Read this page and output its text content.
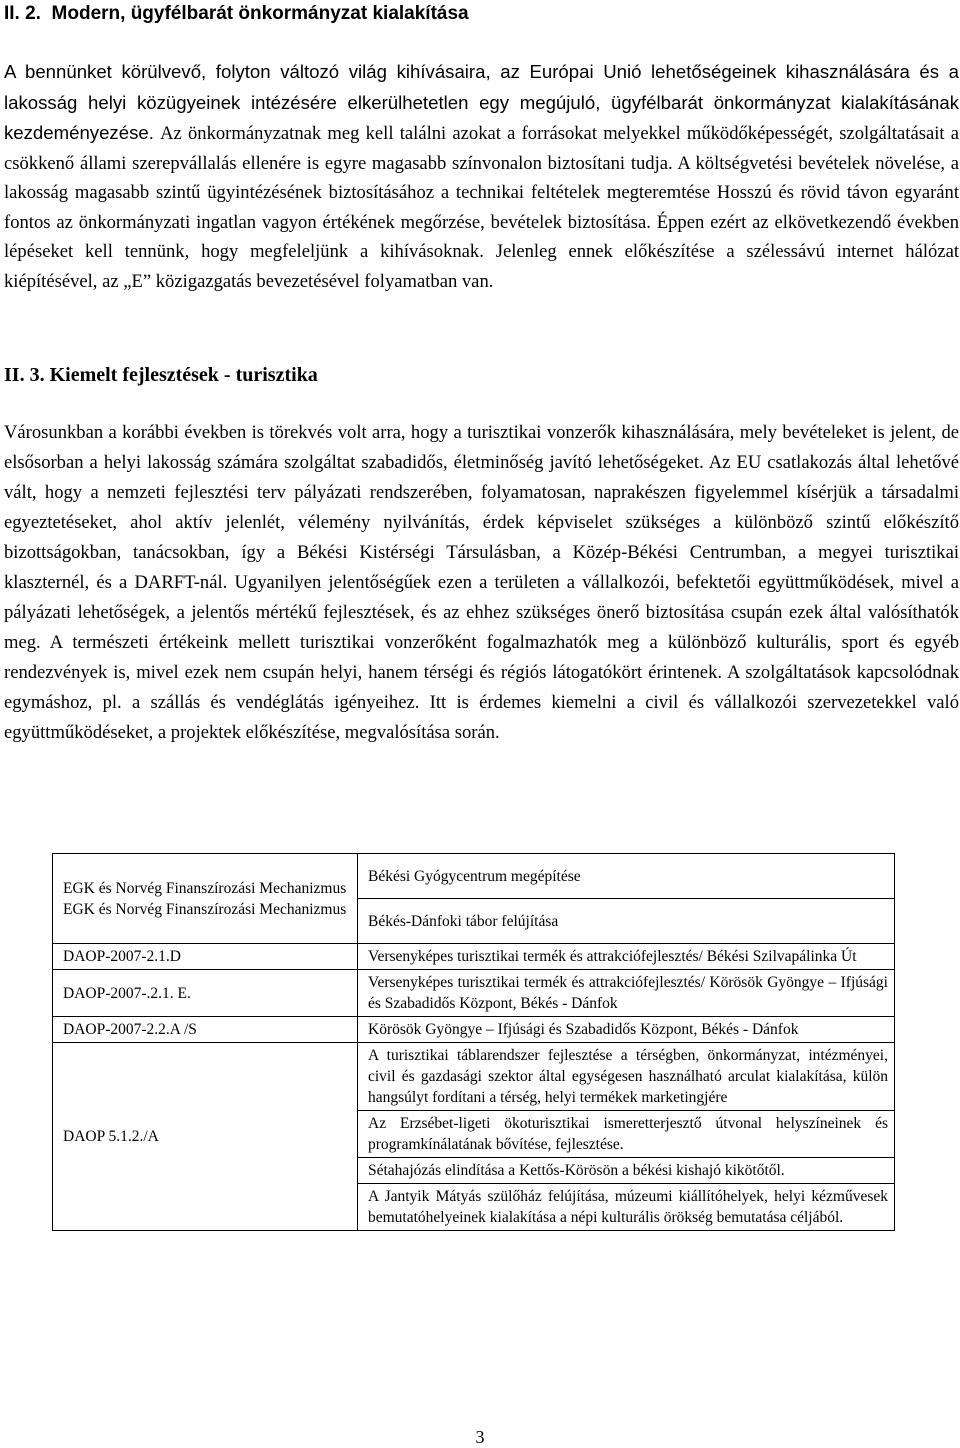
II. 2. Modern, ügyfélbarát önkormányzat kialakítása

A bennünket körülvevő, folyton változó világ kihívásaira, az Európai Unió lehetőségeinek kihasználására és a lakosság helyi közügyeinek intézésére elkerülhetetlen egy megújuló, ügyfélbarát önkormányzat kialakításának kezdeményezése. Az önkormányzatnak meg kell találni azokat a forrásokat melyekkel működőképességét, szolgáltatásait a csökkenő állami szerepvállalás ellenére is egyre magasabb színvonalon biztosítani tudja. A költségvetési bevételek növelése, a lakosság magasabb szintű ügyintézésének biztosításához a technikai feltételek megteremtése Hosszú és rövid távon egyaránt fontos az önkormányzati ingatlan vagyon értékének megőrzése, bevételek biztosítása. Éppen ezért az elkövetkezendő években lépéseket kell tennünk, hogy megfeleljünk a kihívásoknak. Jelenleg ennek előkészítése a szélessávú internet hálózat kiépítésével, az „E” közigazgatás bevezetésével folyamatban van.

II. 3. Kiemelt fejlesztések - turisztika

Városunkban a korábbi években is törekvés volt arra, hogy a turisztikai vonzerők kihasználására, mely bevételeket is jelent, de elsősorban a helyi lakosság számára szolgáltat szabadidős, életminőség javító lehetőségeket. Az EU csatlakozás által lehetővé vált, hogy a nemzeti fejlesztési terv pályázati rendszerében, folyamatosan, naprakészen figyelemmel kísérjük a társadalmi egyeztetéseket, ahol aktív jelenlét, vélemény nyilvánítás, érdek képviselet szükséges a különböző szintű előkészítő bizottságokban, tanácsokban, így a Békési Kistérségi Társulásban, a Közép-Békési Centrumban, a megyei turisztikai klaszternél, és a DARFT-nál. Ugyanilyen jelentőségűek ezen a területen a vállalkozói, befektetői együttműködések, mivel a pályázati lehetőségek, a jelentős mértékű fejlesztések, és az ehhez szükséges önerő biztosítása csupán ezek által valósíthatók meg. A természeti értékeink mellett turisztikai vonzerőként fogalmazhatók meg a különböző kulturális, sport és egyéb rendezvények is, mivel ezek nem csupán helyi, hanem térségi és régiós látogatókört érintenek. A szolgáltatások kapcsolódnak egymáshoz, pl. a szállás és vendéglátás igényeihez. Itt is érdemes kiemelni a civil és vállalkozói szervezetekkel való együttműködéseket, a projektek előkészítése, megvalósítása során.

EGK és Norvég Finanszírozási Mechanizmus
EGK és Norvég Finanszírozási Mechanizmus	Békési Gyógycentrum megépítése
	Békés-Dánfoki tábor felújítása
DAOP-2007-2.1.D	Versenyképes turisztikai termék és attrakciófejlesztés/ Békési Szilvapálinka Út
DAOP-2007-.2.1. E.	Versenyképes turisztikai termék és attrakciófejlesztés/ Körösök Gyöngye – Ifjúsági és Szabadidős Központ, Békés - Dánfok
DAOP-2007-2.2.A /S	Körösök Gyöngye – Ifjúsági és Szabadidős Központ, Békés - Dánfok
DAOP 5.1.2./A	A turisztikai táblarendszer fejlesztése a térségben, önkormányzat, intézményei, civil és gazdasági szektor által egységesen használható arculat kialakítása, külön hangsúlyt fordítani a térség, helyi termékek marketingjére
	Az Erzsébet-ligeti ökoturisztikai ismeretterjesztő útvonal helyszíneinek és programkínálatának bővítése, fejlesztése.
	Sétahajózás elindítása a Kettős-Körösön a békési kishajó kikötőtől.
	A Jantyik Mátyás szülőház felújítása, múzeumi kiállítóhelyek, helyi kézművesek bemutatóhelyeinek kialakítása a népi kulturális örökség bemutatása céljából.
3
